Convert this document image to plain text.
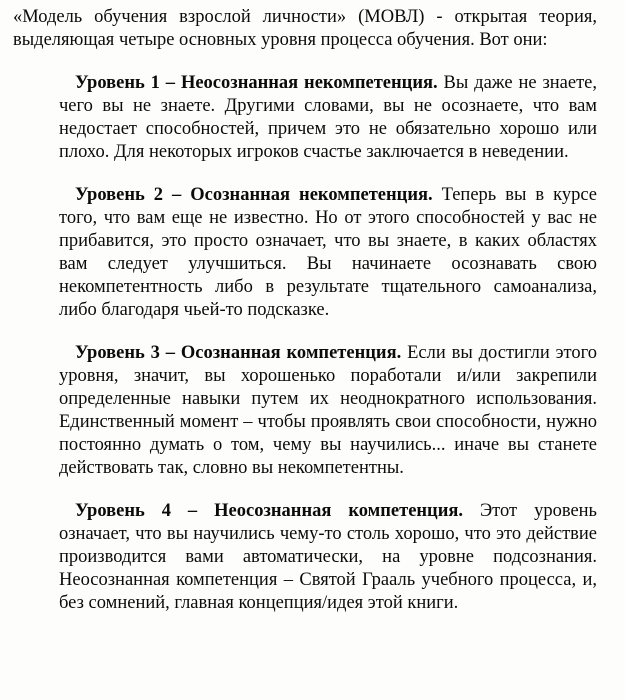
«Модель обучения взрослой личности» (МОВЛ) - открытая теория, выделяющая четыре основных уровня процесса обучения. Вот они:

Уровень 1 – Неосознанная некомпетенция. Вы даже не знаете, чего вы не знаете. Другими словами, вы не осознаете, что вам недостает способностей, причем это не обязательно хорошо или плохо. Для некоторых игроков счастье заключается в неведении.

Уровень 2 – Осознанная некомпетенция. Теперь вы в курсе того, что вам еще не известно. Но от этого способностей у вас не прибавится, это просто означает, что вы знаете, в каких областях вам следует улучшиться. Вы начинаете осознавать свою некомпетентность либо в результате тщательного самоанализа, либо благодаря чьей-то подсказке.

Уровень 3 – Осознанная компетенция. Если вы достигли этого уровня, значит, вы хорошенько поработали и/или закрепили определенные навыки путем их неоднократного использования. Единственный момент – чтобы проявлять свои способности, нужно постоянно думать о том, чему вы научились... иначе вы станете действовать так, словно вы некомпетентны.

Уровень 4 – Неосознанная компетенция. Этот уровень означает, что вы научились чему-то столь хорошо, что это действие производится вами автоматически, на уровне подсознания. Неосознанная компетенция – Святой Грааль учебного процесса, и, без сомнений, главная концепция/идея этой книги.
